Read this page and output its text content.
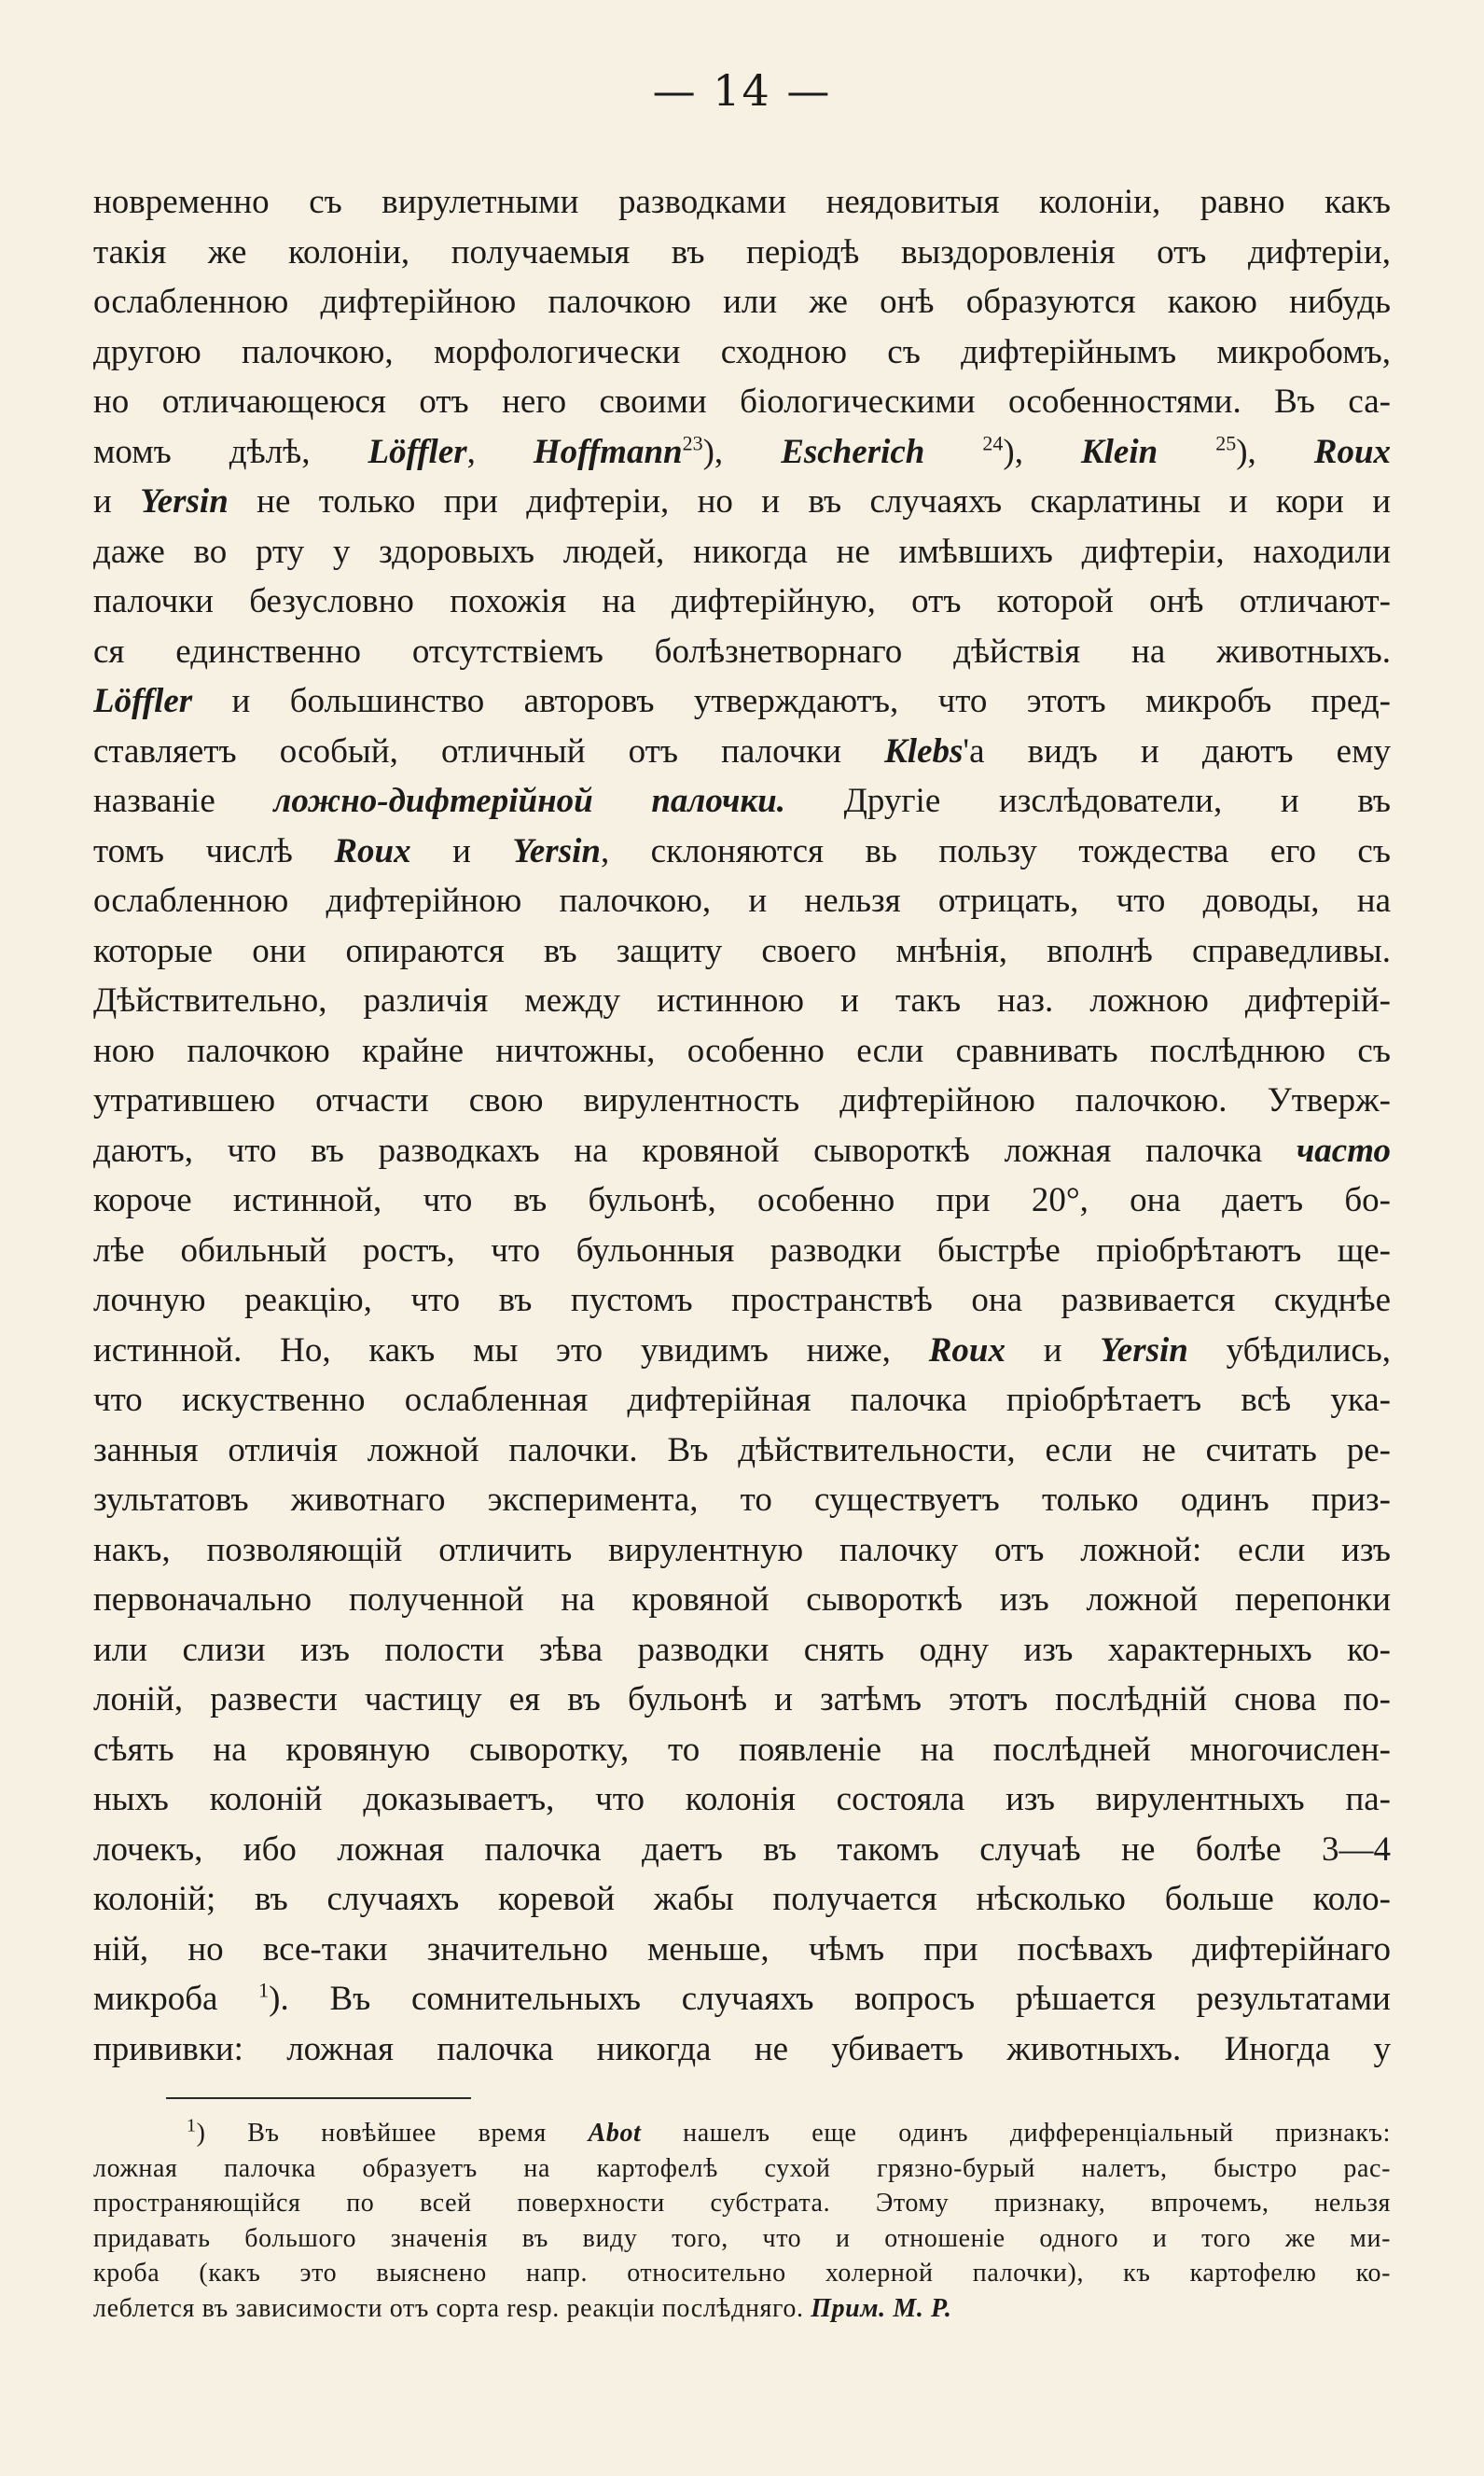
— 14 —
новременно съ вирулетными разводками неядовитыя колоніи, равно какъ
такія же колоніи, получаемыя въ періодѣ выздоровленія отъ дифтеріи,
ослабленною дифтерійною палочкою или же онѣ образуются какою нибудь
другою палочкою, морфологически сходною съ дифтерійнымъ микробомъ,
но отличающеюся отъ него своими біологическими особенностями. Въ са-
момъ дѣлѣ, Löffler, Hoffmann$^{23}$), Escherich	$^{24}$), Klein	$^{25}$), Roux
и Yersin не только при дифтеріи, но и въ случаяхъ скарлатины и кори и
даже во рту у здоровыхъ людей, никогда не имѣвшихъ дифтеріи, находили
палочки безусловно похожія на дифтерійную, отъ которой онѣ отличают-
ся единственно отсутствіемъ болѣзнетворнаго дѣйствія на животныхъ.
Löffler и большинство авторовъ утверждаютъ, что этотъ микробъ пред-
ставляетъ особый, отличный отъ палочки Klebs'а видъ и даютъ ему
названіе ложно-дифтерійной палочки. Другіе изслѣдователи, и въ
томъ числѣ Roux и Yersin, склоняются вь пользу тождества его съ
ослабленною дифтерійною палочкою, и нельзя отрицать, что доводы, на
которые они опираются въ защиту своего мнѣнія, вполнѣ справедливы.
Дѣйствительно, различія между истинною и такъ наз. ложною дифтерій-
ною палочкою крайне ничтожны, особенно если сравнивать послѣднюю съ
утратившею отчасти свою вирулентность дифтерійною палочкою. Утверж-
даютъ, что въ разводкахъ на кровяной сывороткѣ ложная палочка часто
короче истинной, что въ бульонѣ, особенно при 20°, она даетъ бо-
лѣе обильный ростъ, что бульонныя разводки быстрѣе пріобрѣтаютъ ще-
лочную реакцію, что въ пустомъ пространствѣ она развивается скуднѣе
истинной. Но, какъ мы это увидимъ ниже, Roux и Yersin убѣдились,
что искуственно ослабленная дифтерійная палочка пріобрѣтаетъ всѣ ука-
занныя отличія ложной палочки. Въ дѣйствительности, если не считать ре-
зультатовъ животнаго эксперимента, то существуетъ только одинъ приз-
накъ, позволяющій отличить вирулентную палочку отъ ложной: если изъ
первоначально полученной на кровяной сывороткѣ изъ ложной перепонки
или слизи изъ полости зѣва разводки снять одну изъ характерныхъ ко-
лоній, развести частицу ея въ бульонѣ и затѣмъ этотъ послѣдній снова по-
сѣять на кровяную сыворотку, то появленіе на послѣдней многочислен-
ныхъ колоній доказываетъ, что колонія состояла изъ вирулентныхъ па-
лочекъ, ибо ложная палочка даетъ въ такомъ случаѣ не болѣе 3—4
колоній; въ случаяхъ коревой жабы получается нѣсколько больше коло-
ній, но все-таки значительно меньше, чѣмъ при посѣвахъ дифтерійнаго
микроба $^1$). Въ сомнительныхъ случаяхъ вопросъ рѣшается результатами
прививки: ложная палочка никогда не убиваетъ животныхъ. Иногда у
$^1$) Въ новѣйшее время Abot нашелъ еще одинъ дифференціальный признакъ:
ложная палочка образуетъ на картофелѣ сухой грязно-бурый налетъ, быстро рас-
пространяющійся по всей поверхности субстрата. Этому признаку, впрочемъ, нельзя
придавать большого значенія въ виду того, что и отношеніе одного и того же ми-
кроба (какъ это выяснено напр. относительно холерной палочки), къ картофелю ко-
леблется въ зависимости отъ сорта resp. реакціи послѣдняго. Прим. М. Р.
